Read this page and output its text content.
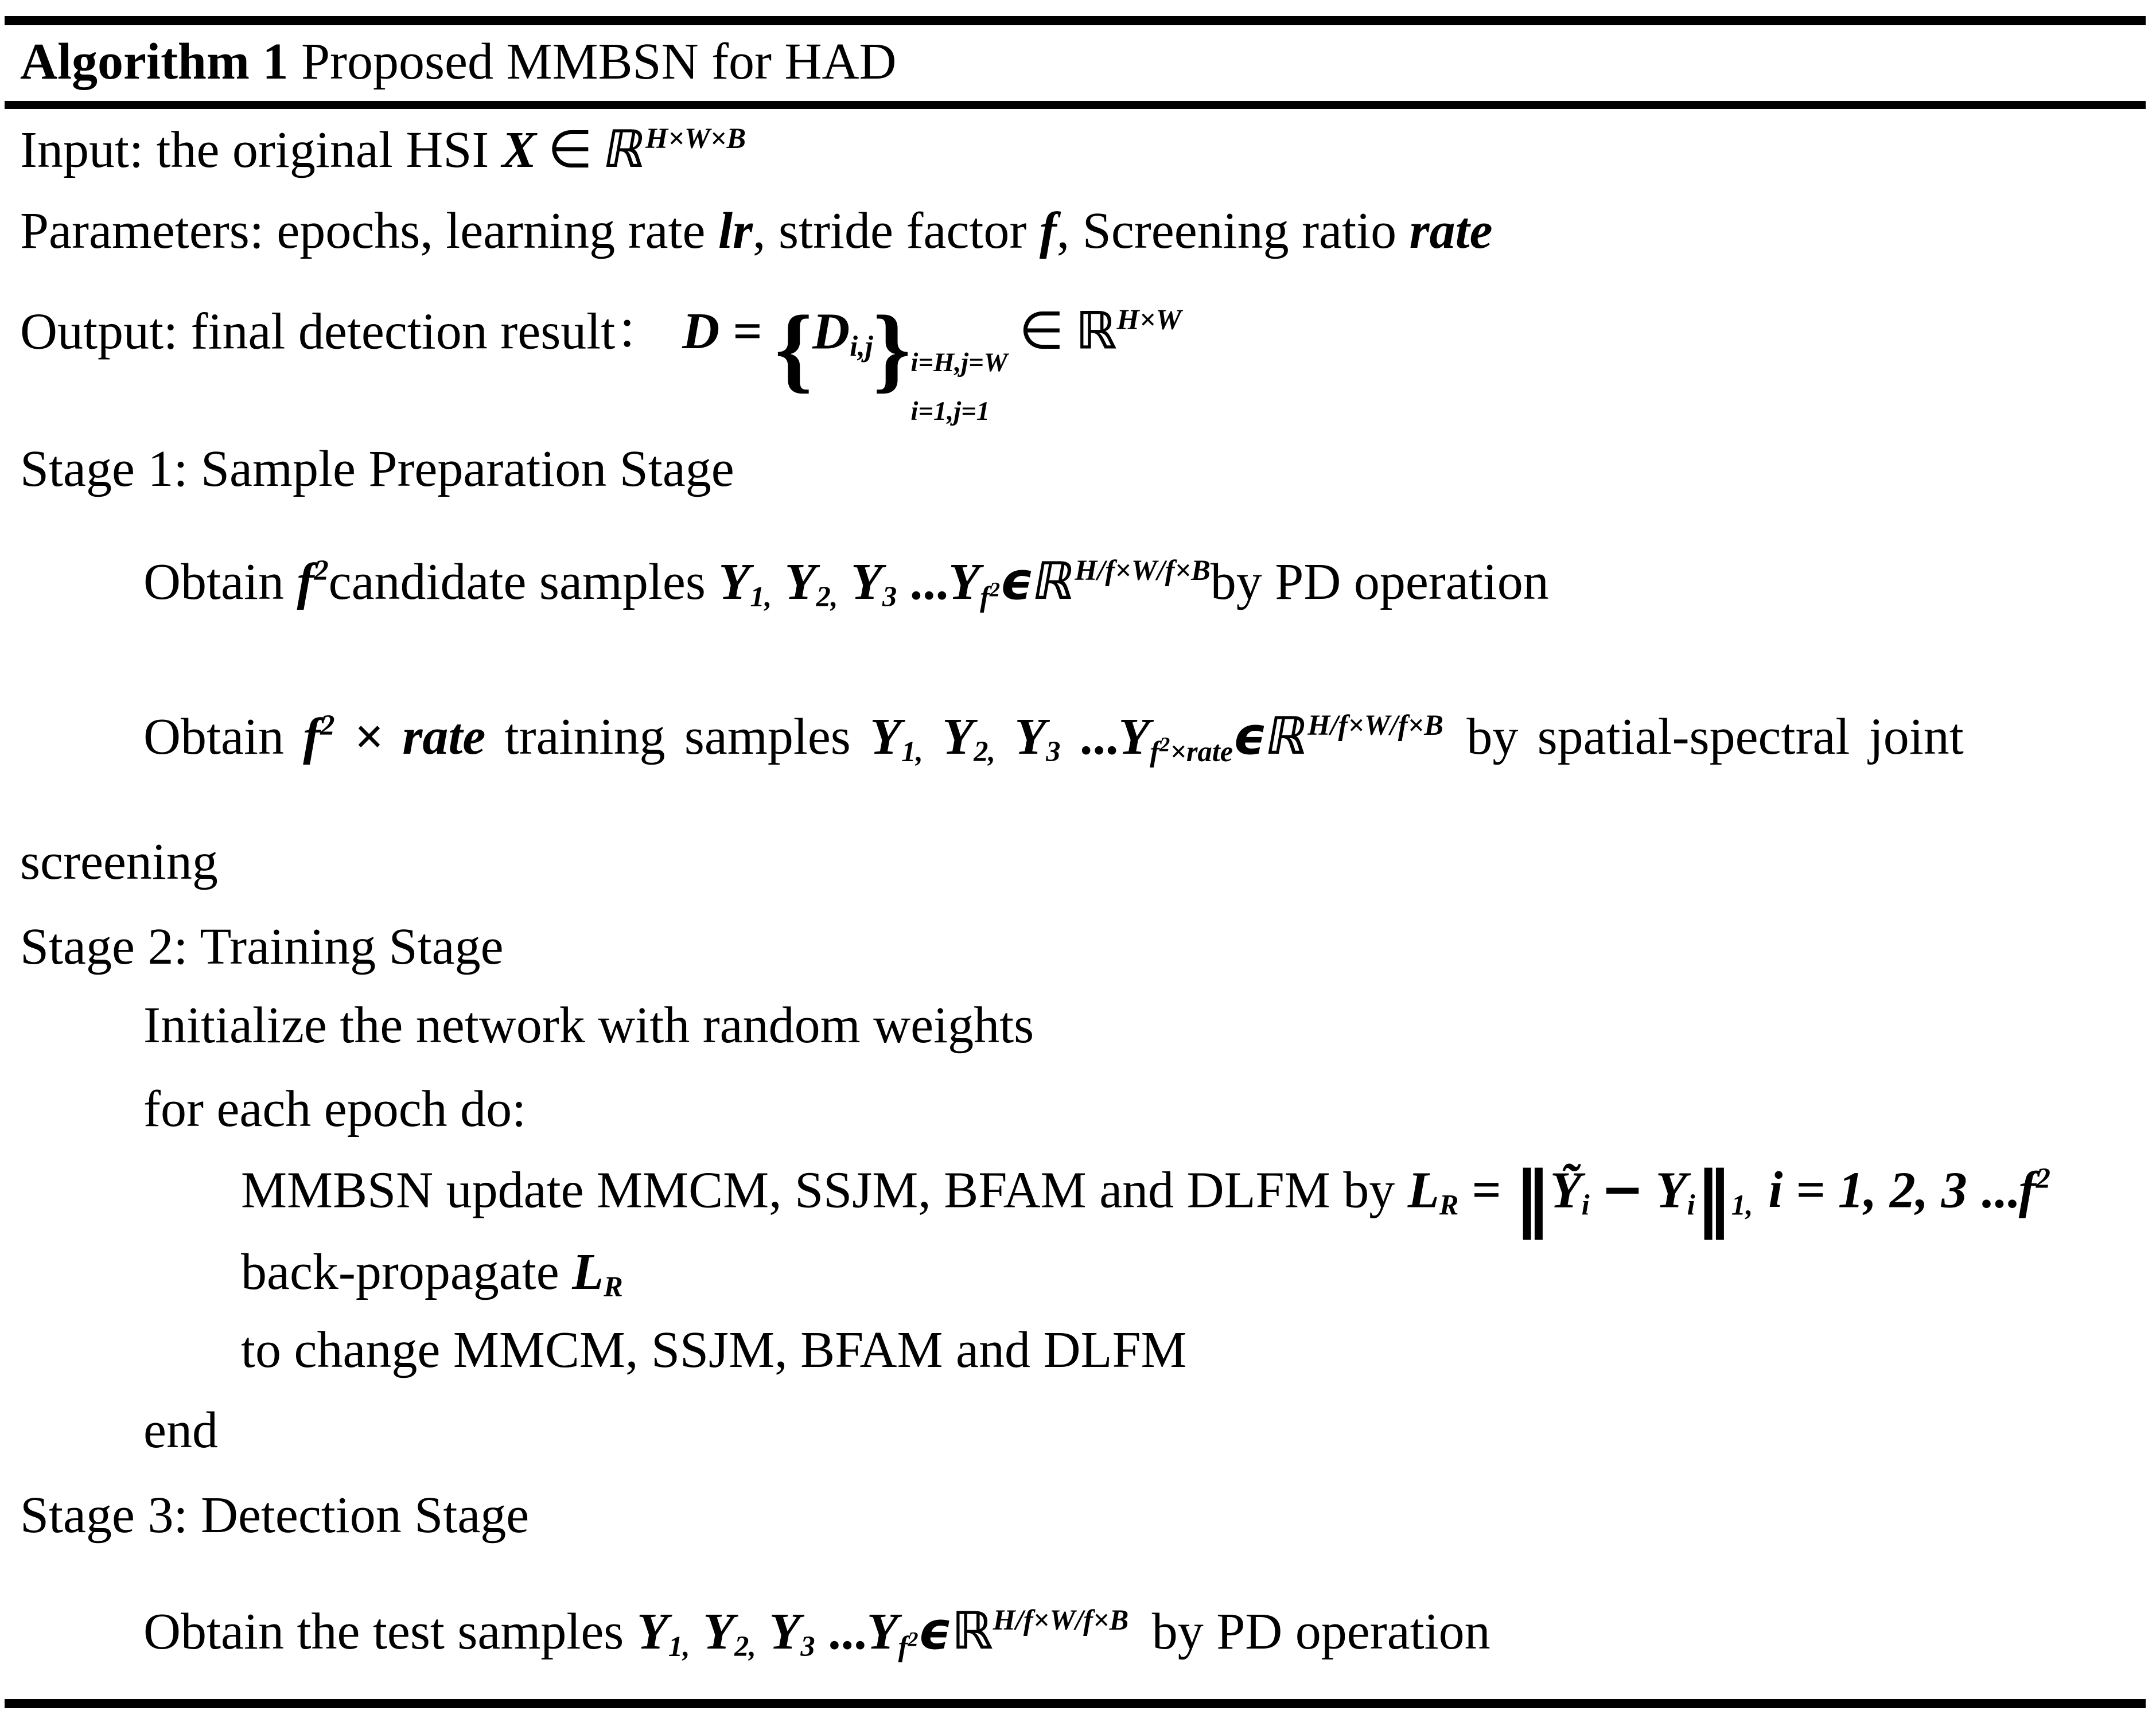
Algorithm 1 Proposed MMBSN for HAD
Input: the original HSI X ∈ ℝ$^{H\times W\times B}$
Parameters: epochs, learning rate lr, stride factor f, Screening ratio rate
Output: final detection result： D = {Di,j} i=H,j=W
i=1,j=1
∈ ℝ$^{H\times W}$
Stage 1: Sample Preparation Stage
Obtain $f^2candidate$ samples Y1, Y2, Y3 ...Yf$^2$ϵℝ$^{H/f\times W/f\times B}$by PD operation
Obtain $f^2$ × rate training samples Y1, Y2, Y3 $...Yf^2\times rate\epsilon ℝ^{H/f\times W/f\times B}$ by spatial-spectral joint
screening
Stage 2: Training Stage
Initialize the network with random weights
for each epoch do:
MMBSN update MMCM, SSJM, BFAM and DLFM by LR = ‖Ỹi − Yi‖1, i = 1, 2, 3 $...f^2$
back-propagate LR
to change MMCM, SSJM, BFAM and DLFM
end
Stage 3: Detection Stage
Obtain the test samples Y1, Y2, Y3 ...Yf$^2$ϵℝ$^{H/f\times W/f\times B}$ by PD operation
